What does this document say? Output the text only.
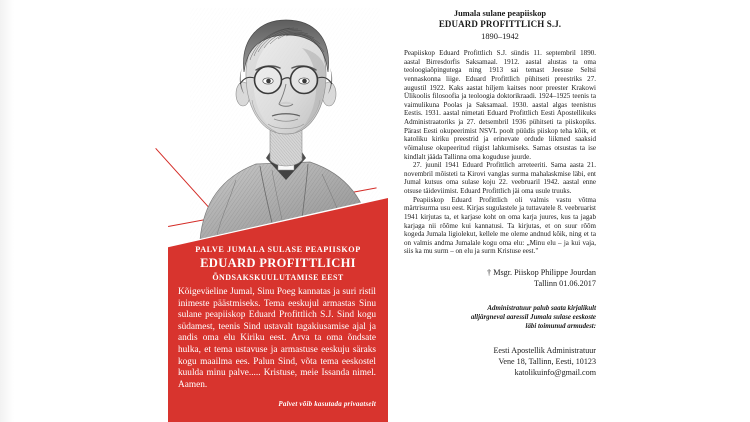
PALVE JUMALA SULASE PEAPIISKOP
EDUARD PROFITTLICHI
ÕNDSAKSKUULUTAMISE EEST
Kõigeväeline Jumal, Sinu Poeg kannatas ja suri ristil inimeste päästmiseks. Tema eeskujul armastas Sinu sulane peapiiskop Eduard Profittlich S.J. Sind kogu südamest, teenis Sind ustavalt tagakiusamise ajal ja andis oma elu Kiriku eest. Arva ta oma õndsate hulka, et tema ustavuse ja armastuse eeskuju säraks kogu maailma ees. Palun Sind, võta tema eeskostel kuulda minu palve..... Kristuse, meie Issanda nimel. Aamen.
Palvet võib kasutada privaatselt
Jumala sulane peapiiskop
EDUARD PROFITTLICH S.J.
1890–1942

Peapiiskop Eduard Profittlich S.J. sündis 11. septembril 1890. aastal Birresdorfis Saksamaal. 1912. aastal alustas ta oma teoloogiaõpingutega ning 1913 sai temast Jeesuse Seltsi vennaskonna liige. Eduard Profittlich pühitseti preestriks 27. augustil 1922. Kaks aastat hiljem kaitses noor preester Krakowi Ülikoolis filosoofia ja teoloogia doktorikraadi. 1924–1925 teenis ta vaimulikuna Poolas ja Saksamaal. 1930. aastal algas teenistus Eestis. 1931. aastal nimetati Eduard Profittlich Eesti Apostellikuks Administraatoriks ja 27. detsembril 1936 pühitseti ta piiskopiks. Pärast Eesti okupeerimist NSVL poolt püüdis piiskop teha kõik, et katoliku kiriku preestrid ja erinevate ordude liikmed saaksid võimaluse okupeeritud riigist lahkumiseks. Samas otsustas ta ise kindlalt jääda Tallinna oma koguduse juurde.

27. juunil 1941 Eduard Profittlich arreteeriti. Sama aasta 21. novembril mõisteti ta Kirovi vanglas surma mahalaskmise läbi, ent Jumal kutsus oma sulase koju 22. veebruaril 1942. aastal enne otsuse täideviimist. Eduard Profittlich jäi oma usule truuks.

Peapiiskop Eduard Profittlich oli valmis vastu võtma märtrisurma usu eest. Kirjas sugulastele ja tuttavatele 8. veebruarist 1941 kirjutas ta, et karjase koht on oma karja juures, kus ta jagab karjaga nii rõõme kui kannatusi. Ta kirjutas, et on suur rõõm kogeda Jumala ligiolekut, kellele me oleme andnud kõik, ning et ta on valmis andma Jumalale kogu oma elu: „Minu elu – ja kui vaja, siis ka mu surm – on elu ja surm Kristuse eest."

† Msgr. Piiskop Philippe Jourdan
Tallinn 01.06.2017
Administratuur palub saata kirjalikult
alljärgneval aaressil Jumala sulase eeskoste
läbi toimunud armudest:
Eesti Apostellik Administratuur
Vene 18, Tallinn, Eesti, 10123
katolikuinfo@gmail.com
